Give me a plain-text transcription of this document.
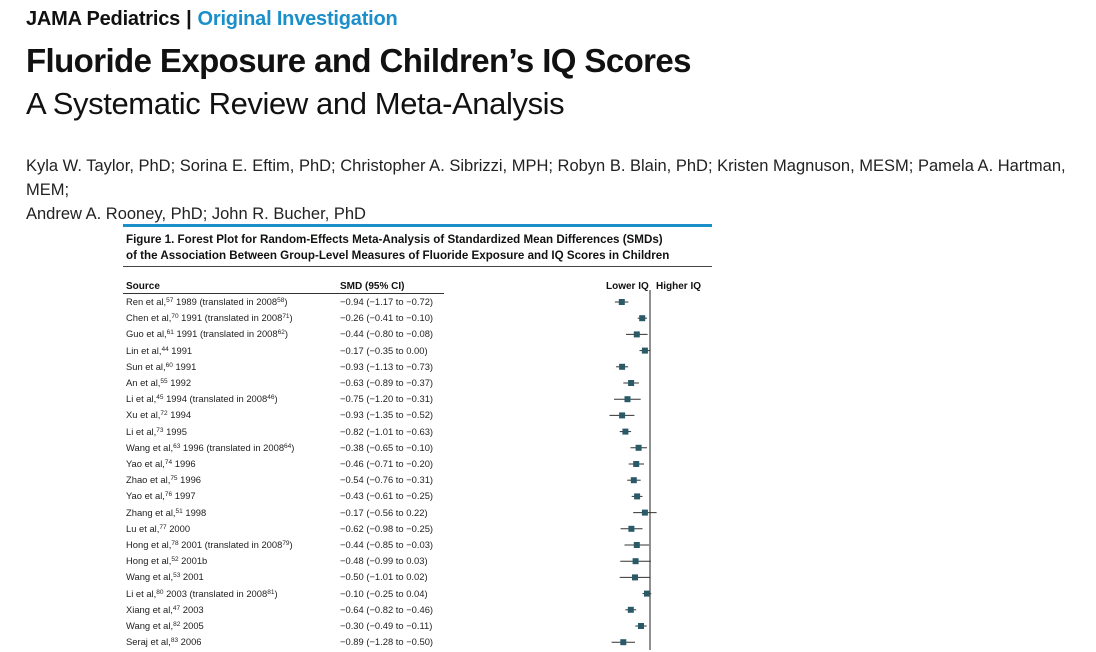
JAMA Pediatrics | Original Investigation
Fluoride Exposure and Children’s IQ Scores
A Systematic Review and Meta-Analysis
Kyla W. Taylor, PhD; Sorina E. Eftim, PhD; Christopher A. Sibrizzi, MPH; Robyn B. Blain, PhD; Kristen Magnuson, MESM; Pamela A. Hartman, MEM;
Andrew A. Rooney, PhD; John R. Bucher, PhD
Figure 1. Forest Plot for Random-Effects Meta-Analysis of Standardized Mean Differences (SMDs)
of the Association Between Group-Level Measures of Fluoride Exposure and IQ Scores in Children
Source	SMD (95% CI)	Lower IQ Higher IQ
Ren et al,$^{57}$ 1989 (translated in $2008^{58}$)	−0.94 (−1.17 to −0.72)
Chen et al,$^{70}$ 1991 (translated in $2008^{71}$)	−0.26 (−0.41 to −0.10)
Guo et al,$^{61}$ 1991 (translated in $2008^{62}$)	−0.44 (−0.80 to −0.08)
Lin et al,$^{44}$ 1991	−0.17 (−0.35 to 0.00)
Sun et al,$^{60}$ 1991	−0.93 (−1.13 to −0.73)
An et al,$^{55}$ 1992	−0.63 (−0.89 to −0.37)
Li et al,$^{45}$ 1994 (translated in $2008^{46}$)	−0.75 (−1.20 to −0.31)
Xu et al,$^{72}$ 1994	−0.93 (−1.35 to −0.52)
Li et al,$^{73}$ 1995	−0.82 (−1.01 to −0.63)
Wang et al,$^{63}$ 1996 (translated in $2008^{64}$)	−0.38 (−0.65 to −0.10)
Yao et al,$^{74}$ 1996	−0.46 (−0.71 to −0.20)
Zhao et al,$^{75}$ 1996	−0.54 (−0.76 to −0.31)
Yao et al,$^{76}$ 1997	−0.43 (−0.61 to −0.25)
Zhang et al,$^{51}$ 1998	−0.17 (−0.56 to 0.22)
Lu et al,$^{77}$ 2000	−0.62 (−0.98 to −0.25)
Hong et al,$^{78}$ 2001 (translated in $2008^{79}$)	−0.44 (−0.85 to −0.03)
Hong et al,$^{52}$ 2001b	−0.48 (−0.99 to 0.03)
Wang et al,$^{53}$ 2001	−0.50 (−1.01 to 0.02)
Li et al,$^{80}$ 2003 (translated in $2008^{81}$)	−0.10 (−0.25 to 0.04)
Xiang et al,$^{47}$ 2003	−0.64 (−0.82 to −0.46)
Wang et al,$^{82}$ 2005	−0.30 (−0.49 to −0.11)
Seraj et al,$^{83}$ 2006	−0.89 (−1.28 to −0.50)
